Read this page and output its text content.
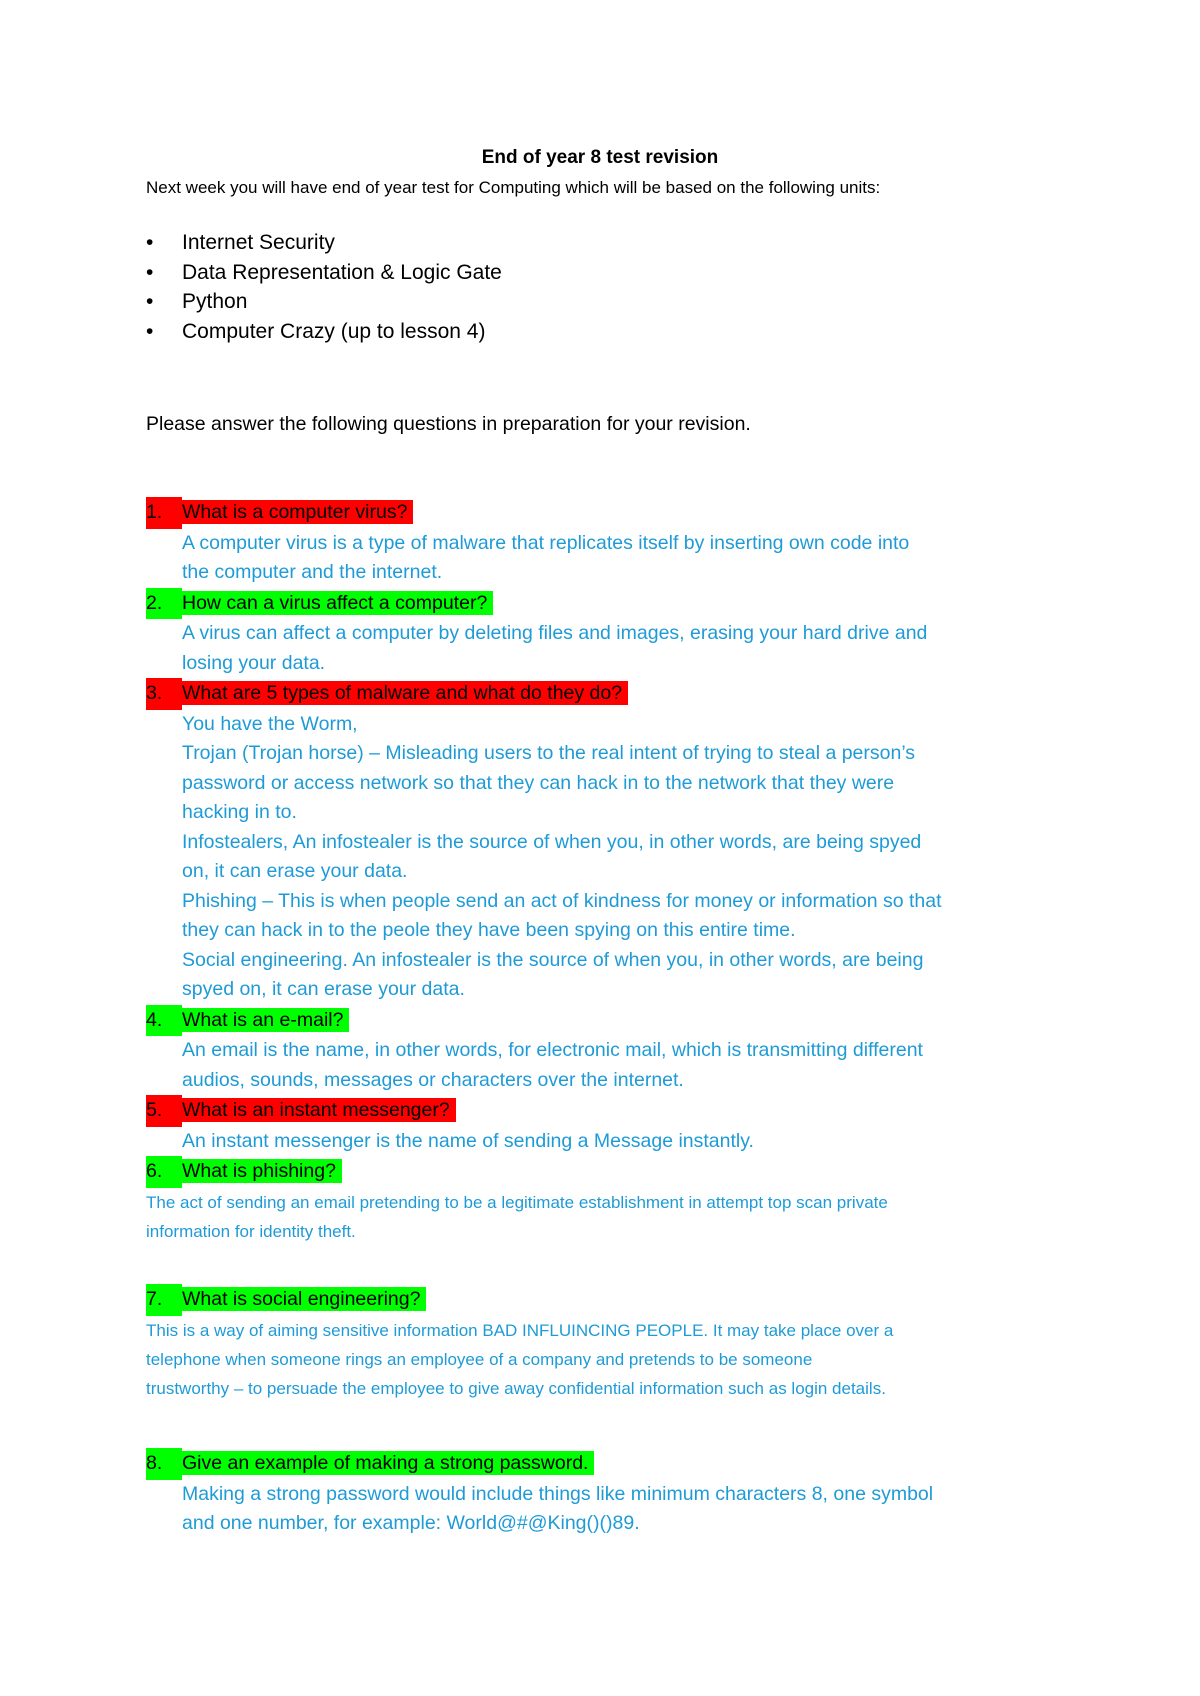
End of year 8 test revision
Next week you will have end of year test for Computing which will be based on the following units:
• Internet Security
• Data Representation & Logic Gate
• Python
• Computer Crazy (up to lesson 4)
Please answer the following questions in preparation for your revision.
1. What is a computer virus?
A computer virus is a type of malware that replicates itself by inserting own code into
the computer and the internet.
2. How can a virus affect a computer?
A virus can affect a computer by deleting files and images, erasing your hard drive and
losing your data.
3. What are 5 types of malware and what do they do?
You have the Worm,
Trojan (Trojan horse) – Misleading users to the real intent of trying to steal a person’s
password or access network so that they can hack in to the network that they were
hacking in to.
Infostealers, An infostealer is the source of when you, in other words, are being spyed
on, it can erase your data.
Phishing – This is when people send an act of kindness for money or information so that
they can hack in to the peole they have been spying on this entire time.
Social engineering. An infostealer is the source of when you, in other words, are being
spyed on, it can erase your data.
4. What is an e-mail?
An email is the name, in other words, for electronic mail, which is transmitting different
audios, sounds, messages or characters over the internet.
5. What is an instant messenger?
An instant messenger is the name of sending a Message instantly.
6. What is phishing?
The act of sending an email pretending to be a legitimate establishment in attempt top scan private
information for identity theft.
7. What is social engineering?
This is a way of aiming sensitive information BAD INFLUINCING PEOPLE. It may take place over a
telephone when someone rings an employee of a company and pretends to be someone
trustworthy – to persuade the employee to give away confidential information such as login details.
8. Give an example of making a strong password.
Making a strong password would include things like minimum characters 8, one symbol
and one number, for example: World@#@King()()89.
